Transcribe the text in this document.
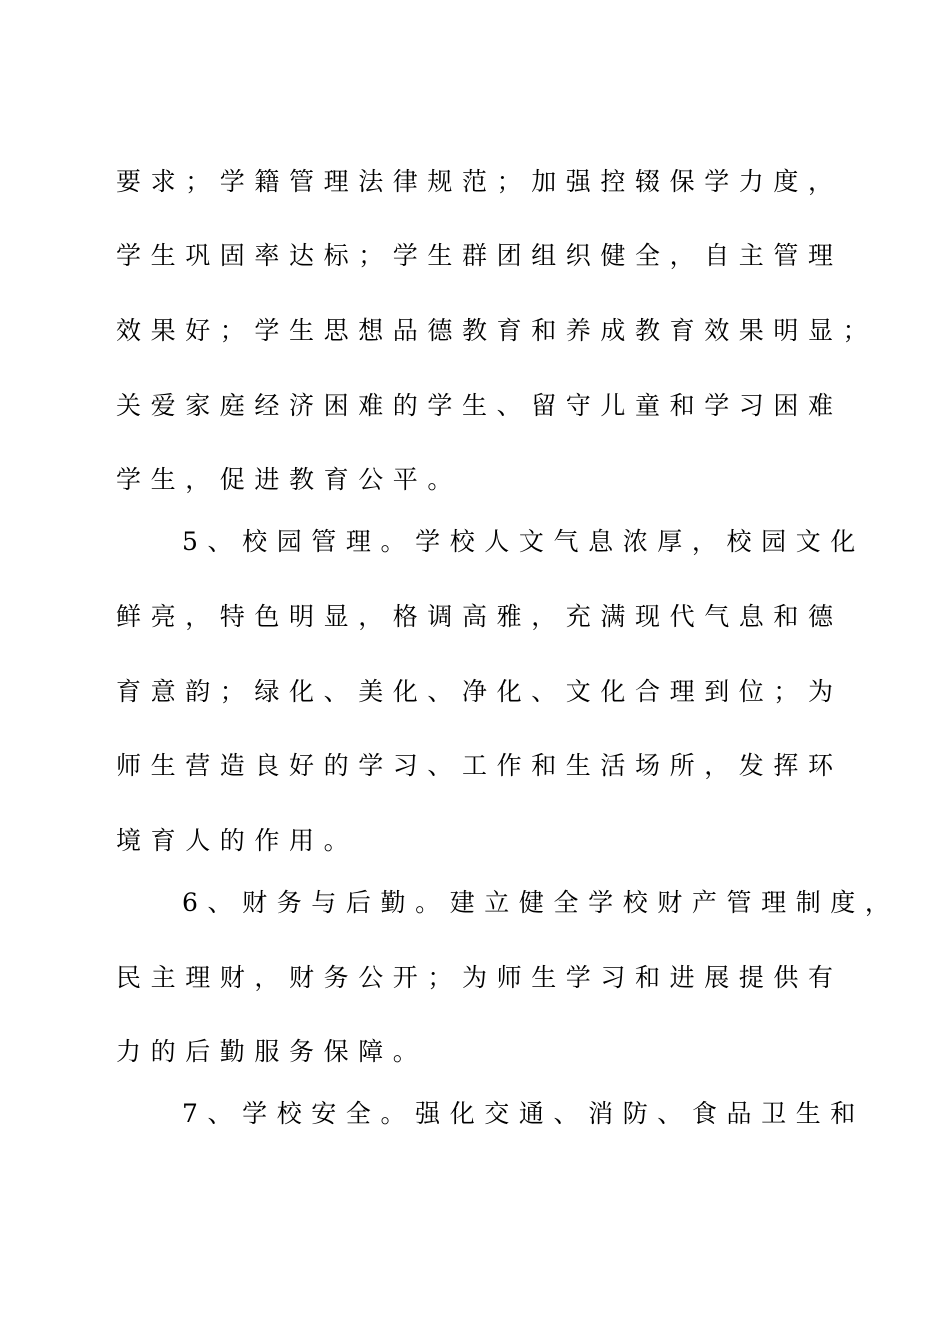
要求；学籍管理法律规范；加强控辍保学力度，
学生巩固率达标；学生群团组织健全，自主管理
效果好；学生思想品德教育和养成教育效果明显；
关爱家庭经济困难的学生、留守儿童和学习困难
学生，促进教育公平。
5、校园管理。学校人文气息浓厚，校园文化
鲜亮，特色明显，格调高雅，充满现代气息和德
育意韵；绿化、美化、净化、文化合理到位；为
师生营造良好的学习、工作和生活场所，发挥环
境育人的作用。
6、财务与后勤。建立健全学校财产管理制度，
民主理财，财务公开；为师生学习和进展提供有
力的后勤服务保障。
7、学校安全。强化交通、消防、食品卫生和
